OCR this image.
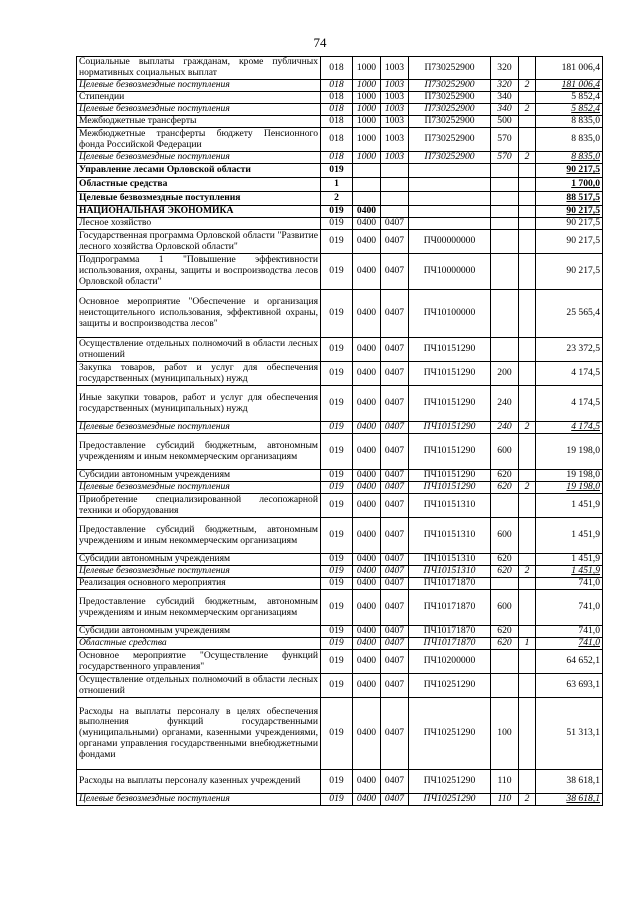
74
Социальные выплаты гражданам, кроме публичных нормативных социальных выплат	018	1000	1003	П730252900	320		181 006,4
Целевые безвозмездные поступления	018	1000	1003	П730252900	320	2	181 006,4
Стипендии	018	1000	1003	П730252900	340		5 852,4
Целевые безвозмездные поступления	018	1000	1003	П730252900	340	2	5 852,4
Межбюджетные трансферты	018	1000	1003	П730252900	500		8 835,0
Межбюджетные трансферты бюджету Пенсионного фонда Российской Федерации	018	1000	1003	П730252900	570		8 835,0
Целевые безвозмездные поступления	018	1000	1003	П730252900	570	2	8 835,0
Управление лесами Орловской области	019						90 217,5
Областные средства	1						1 700,0
Целевые безвозмездные поступления	2						88 517,5
НАЦИОНАЛЬНАЯ ЭКОНОМИКА	019	0400					90 217,5
Лесное хозяйство	019	0400	0407				90 217,5
Государственная программа Орловской области "Развитие лесного хозяйства Орловской области"	019	0400	0407	ПЧ00000000			90 217,5
Подпрограмма 1 "Повышение эффективности использования, охраны, защиты и воспроизводства лесов Орловской области"	019	0400	0407	ПЧ10000000			90 217,5
Основное мероприятие "Обеспечение и организация неистощительного использования, эффективной охраны, защиты и воспроизводства лесов"	019	0400	0407	ПЧ10100000			25 565,4
Осуществление отдельных полномочий в области лесных отношений	019	0400	0407	ПЧ10151290			23 372,5
Закупка товаров, работ и услуг для обеспечения государственных (муниципальных) нужд	019	0400	0407	ПЧ10151290	200		4 174,5
Иные закупки товаров, работ и услуг для обеспечения государственных (муниципальных) нужд	019	0400	0407	ПЧ10151290	240		4 174,5
Целевые безвозмездные поступления	019	0400	0407	ПЧ10151290	240	2	4 174,5
Предоставление субсидий бюджетным, автономным учреждениям и иным некоммерческим организациям	019	0400	0407	ПЧ10151290	600		19 198,0
Субсидии автономным учреждениям	019	0400	0407	ПЧ10151290	620		19 198,0
Целевые безвозмездные поступления	019	0400	0407	ПЧ10151290	620	2	19 198,0
Приобретение специализированной лесопожарной техники и оборудования	019	0400	0407	ПЧ10151310			1 451,9
Предоставление субсидий бюджетным, автономным учреждениям и иным некоммерческим организациям	019	0400	0407	ПЧ10151310	600		1 451,9
Субсидии автономным учреждениям	019	0400	0407	ПЧ10151310	620		1 451,9
Целевые безвозмездные поступления	019	0400	0407	ПЧ10151310	620	2	1 451,9
Реализация основного мероприятия	019	0400	0407	ПЧ10171870			741,0
Предоставление субсидий бюджетным, автономным учреждениям и иным некоммерческим организациям	019	0400	0407	ПЧ10171870	600		741,0
Субсидии автономным учреждениям	019	0400	0407	ПЧ10171870	620		741,0
Областные средства	019	0400	0407	ПЧ10171870	620	1	741,0
Основное мероприятие "Осуществление функций государственного управления"	019	0400	0407	ПЧ10200000			64 652,1
Осуществление отдельных полномочий в области лесных отношений	019	0400	0407	ПЧ10251290			63 693,1
Расходы на выплаты персоналу в целях обеспечения выполнения функций государственными (муниципальными) органами, казенными учреждениями, органами управления государственными внебюджетными фондами	019	0400	0407	ПЧ10251290	100		51 313,1
Расходы на выплаты персоналу казенных учреждений	019	0400	0407	ПЧ10251290	110		38 618,1
Целевые безвозмездные поступления	019	0400	0407	ПЧ10251290	110	2	38 618,1
